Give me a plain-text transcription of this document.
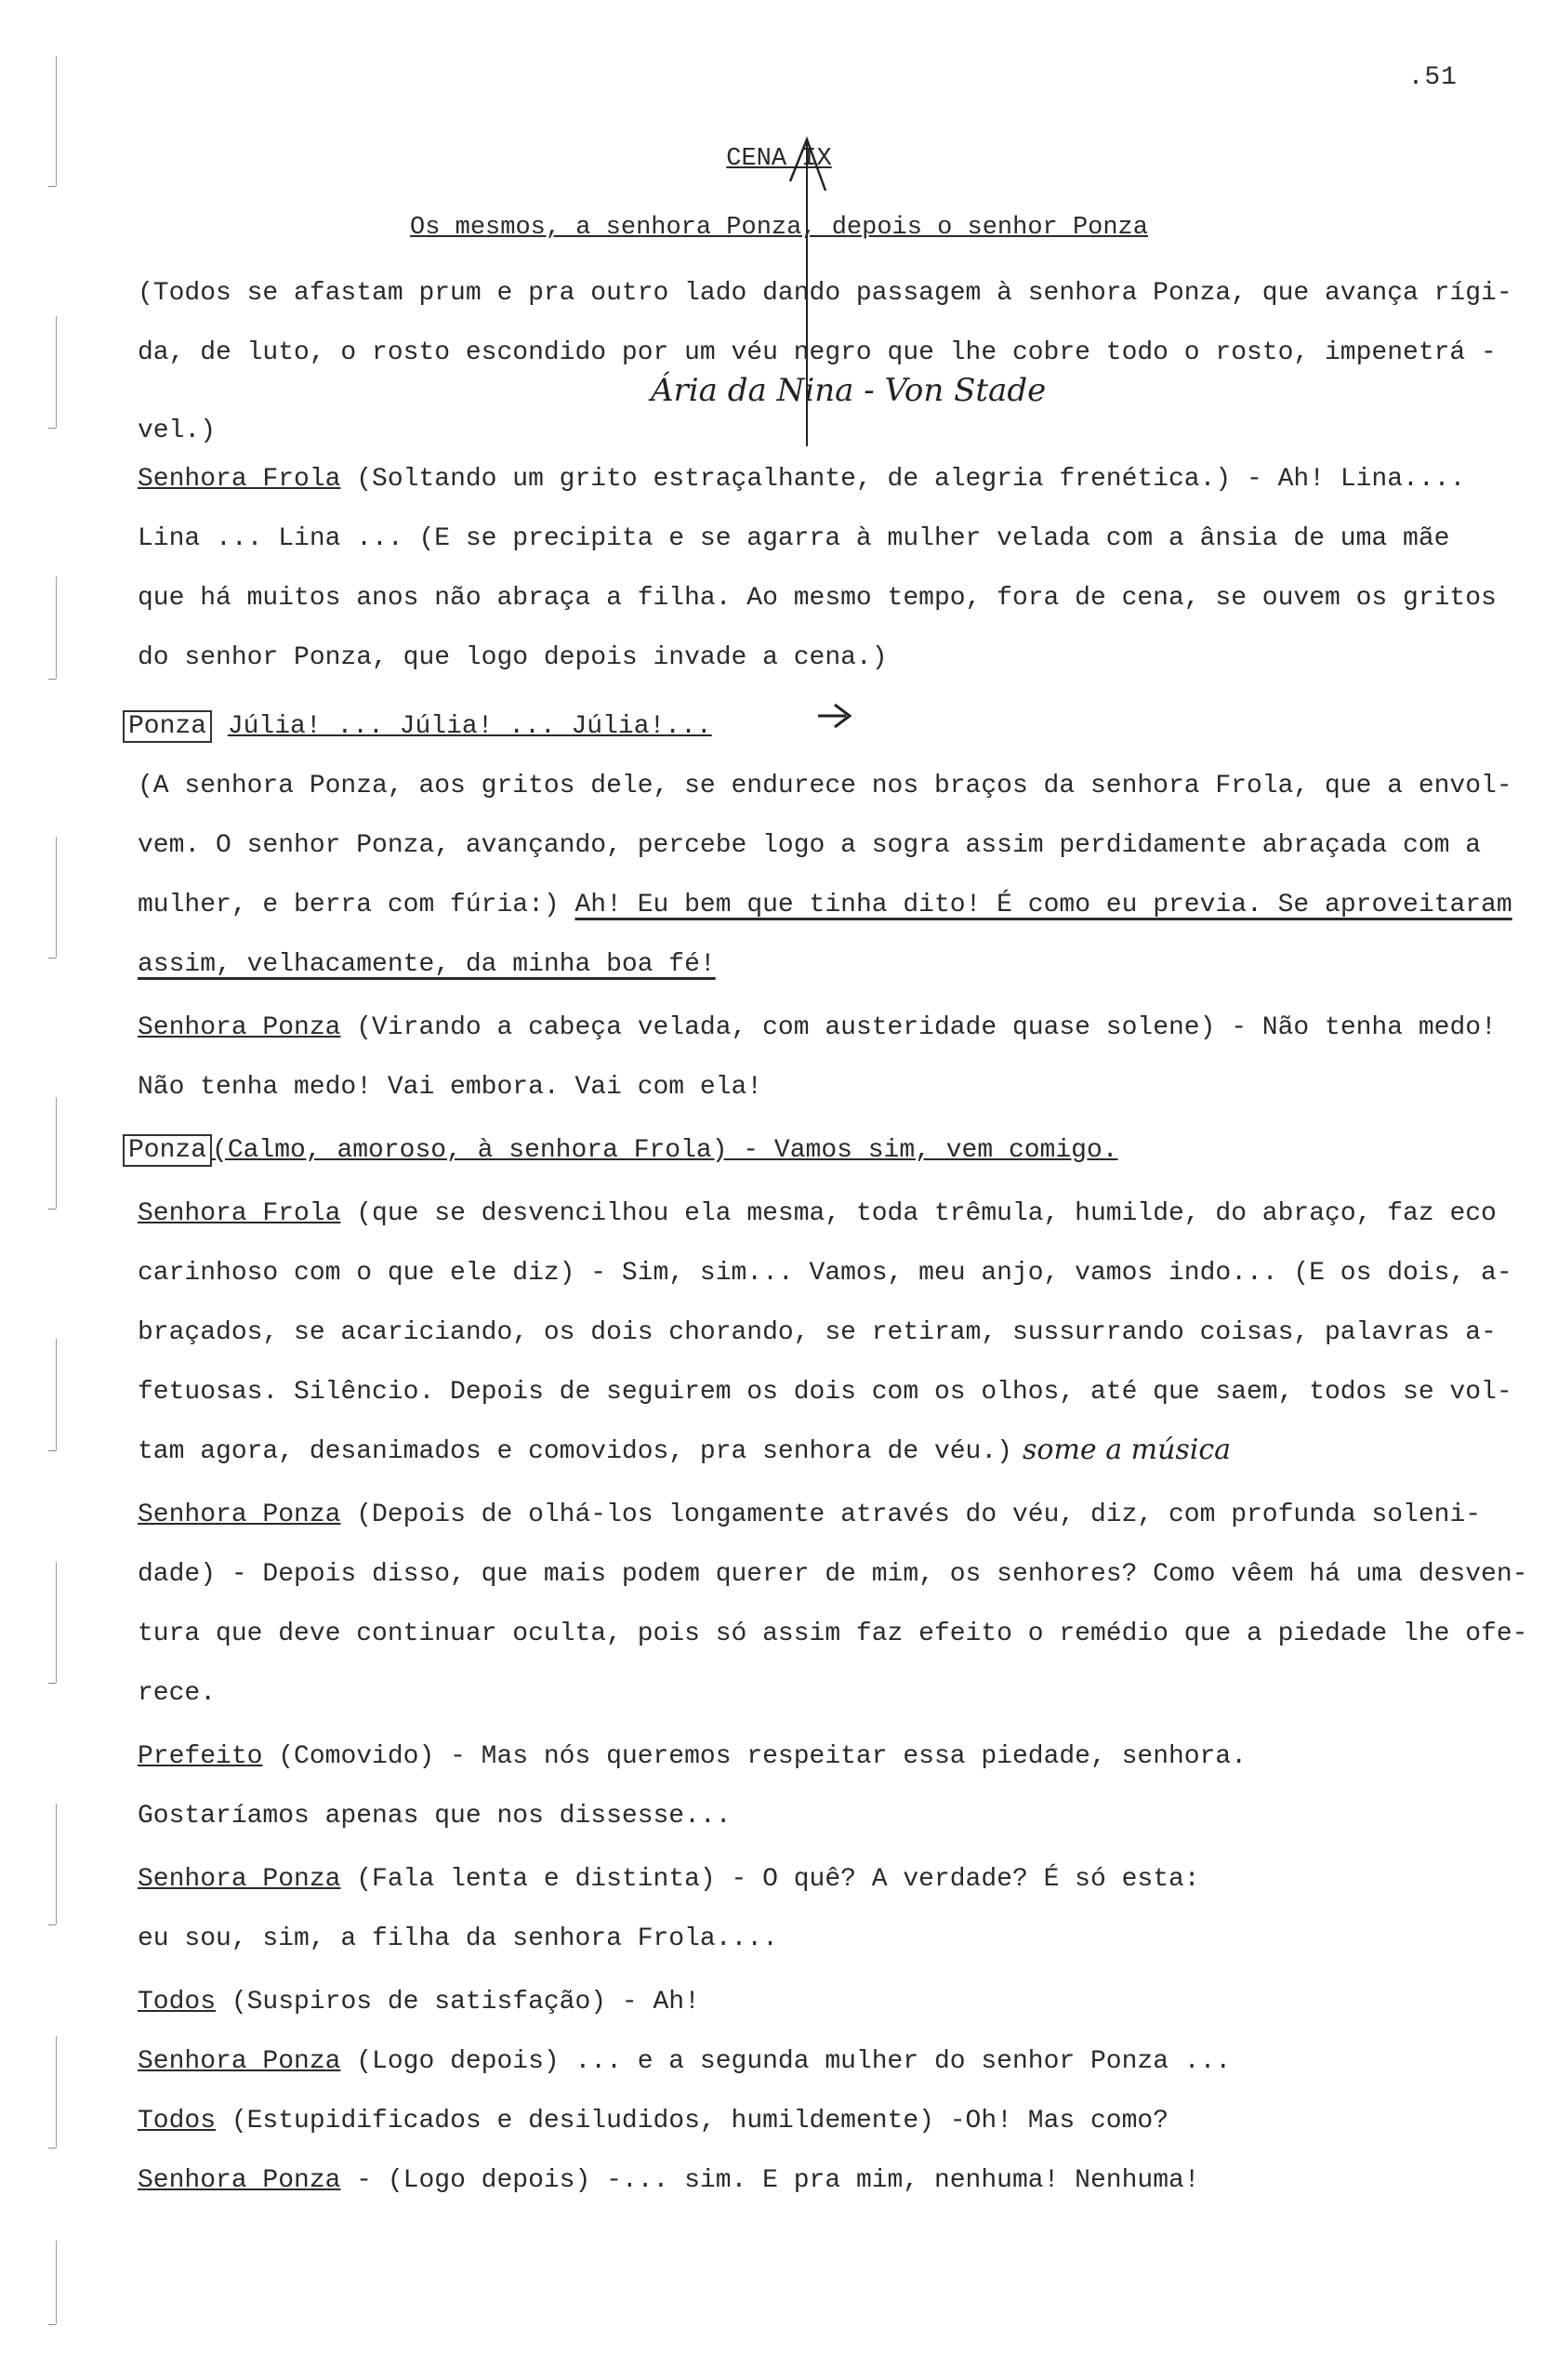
.51
CENA IX
Os mesmos, a senhora Ponza, depois o senhor Ponza
(Todos se afastam prum e pra outro lado dando passagem à senhora Ponza, que avança rígi-
da, de luto, o rosto escondido por um véu negro que lhe cobre todo o rosto, impenetrá -
vel.)
Senhora Frola (Soltando um grito estraçalhante, de alegria frenética.) - Ah! Lina....
Lina ... Lina ... (E se precipita e se agarra à mulher velada com a ânsia de uma mãe
que há muitos anos não abraça a filha. Ao mesmo tempo, fora de cena, se ouvem os gritos
do senhor Ponza, que logo depois invade a cena.)
Ponza Júlia! ... Júlia! ... Júlia!...
(A senhora Ponza, aos gritos dele, se endurece nos braços da senhora Frola, que a envol-
vem. O senhor Ponza, avançando, percebe logo a sogra assim perdidamente abraçada com a
mulher, e berra com fúria:) Ah! Eu bem que tinha dito! É como eu previa. Se aproveitaram
assim, velhacamente, da minha boa fé!
Senhora Ponza (Virando a cabeça velada, com austeridade quase solene) - Não tenha medo!
Não tenha medo! Vai embora. Vai com ela!
Ponza (Calmo, amoroso, à senhora Frola) - Vamos sim, vem comigo.
Senhora Frola (que se desvencilhou ela mesma, toda trêmula, humilde, do abraço, faz eco
carinhoso com o que ele diz) - Sim, sim... Vamos, meu anjo, vamos indo... (E os dois, a-
braçados, se acariciando, os dois chorando, se retiram, sussurrando coisas, palavras a-
fetuosas. Silêncio. Depois de seguirem os dois com os olhos, até que saem, todos se vol-
tam agora, desanimados e comovidos, pra senhora de véu.)
Senhora Ponza (Depois de olhá-los longamente através do véu, diz, com profunda soleni-
dade) - Depois disso, que mais podem querer de mim, os senhores? Como vêem há uma desven-
tura que deve continuar oculta, pois só assim faz efeito o remédio que a piedade lhe ofe-
rece.
Prefeito (Comovido) - Mas nós queremos respeitar essa piedade, senhora.
Gostaríamos apenas que nos dissesse...
Senhora Ponza (Fala lenta e distinta) - O quê? A verdade? É só esta:
eu sou, sim, a filha da senhora Frola....
Todos (Suspiros de satisfação) - Ah!
Senhora Ponza (Logo depois) ... e a segunda mulher do senhor Ponza ...
Todos (Estupidificados e desiludidos, humildemente) -Oh! Mas como?
Senhora Ponza - (Logo depois) -... sim. E pra mim, nenhuma! Nenhuma!
Ária da Nina - Von Stade
some a música
